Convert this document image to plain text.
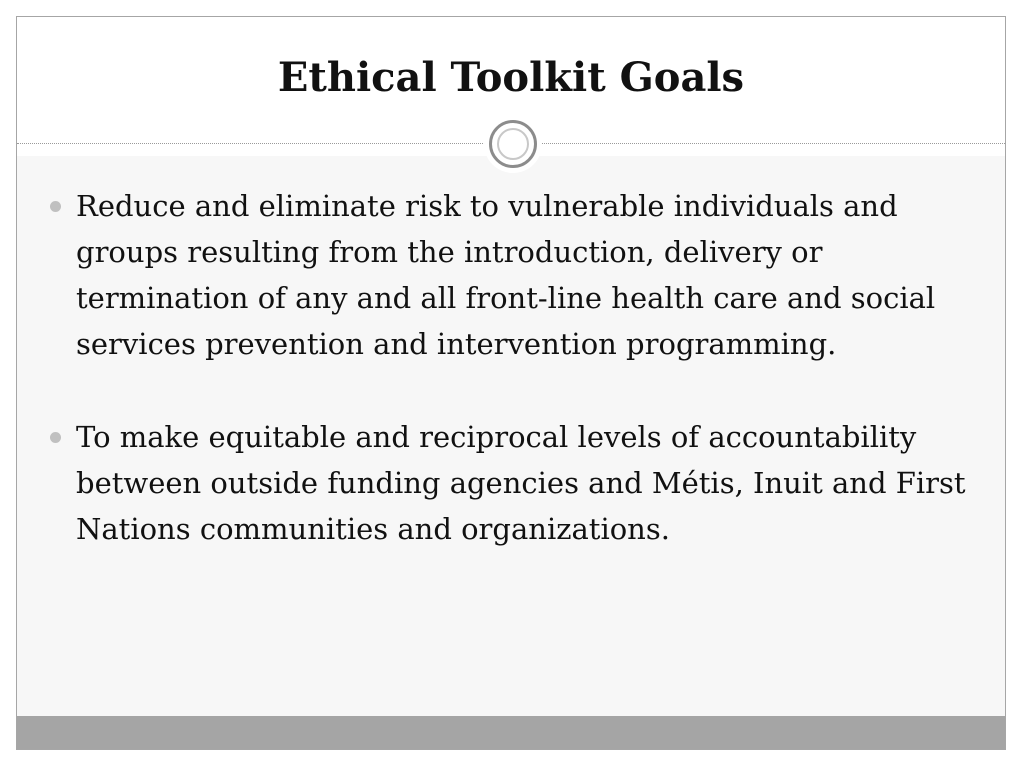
Ethical Toolkit Goals
Reduce and eliminate risk to vulnerable individuals and groups resulting from the introduction, delivery or termination of any and all front-line health care and social services prevention and intervention programming.
To make equitable and reciprocal levels of accountability between outside funding agencies and Métis, Inuit and First Nations communities and organizations.
